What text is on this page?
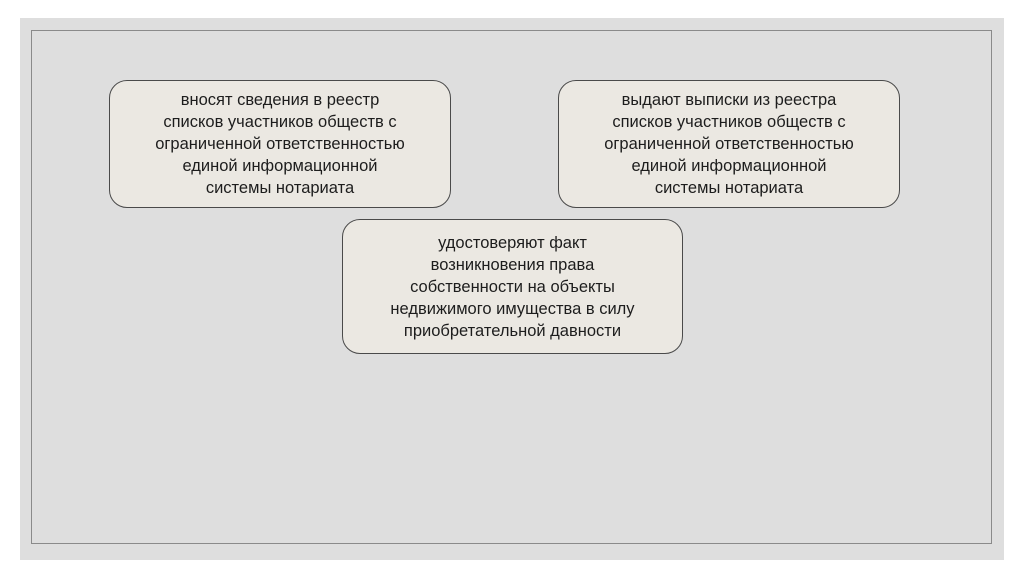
вносят сведения в реестр
списков участников обществ с
ограниченной ответственностью
единой информационной
системы нотариата
выдают выписки из реестра
списков участников обществ с
ограниченной ответственностью
единой информационной
системы нотариата
удостоверяют факт
возникновения права
собственности на объекты
недвижимого имущества в силу
приобретательной давности
